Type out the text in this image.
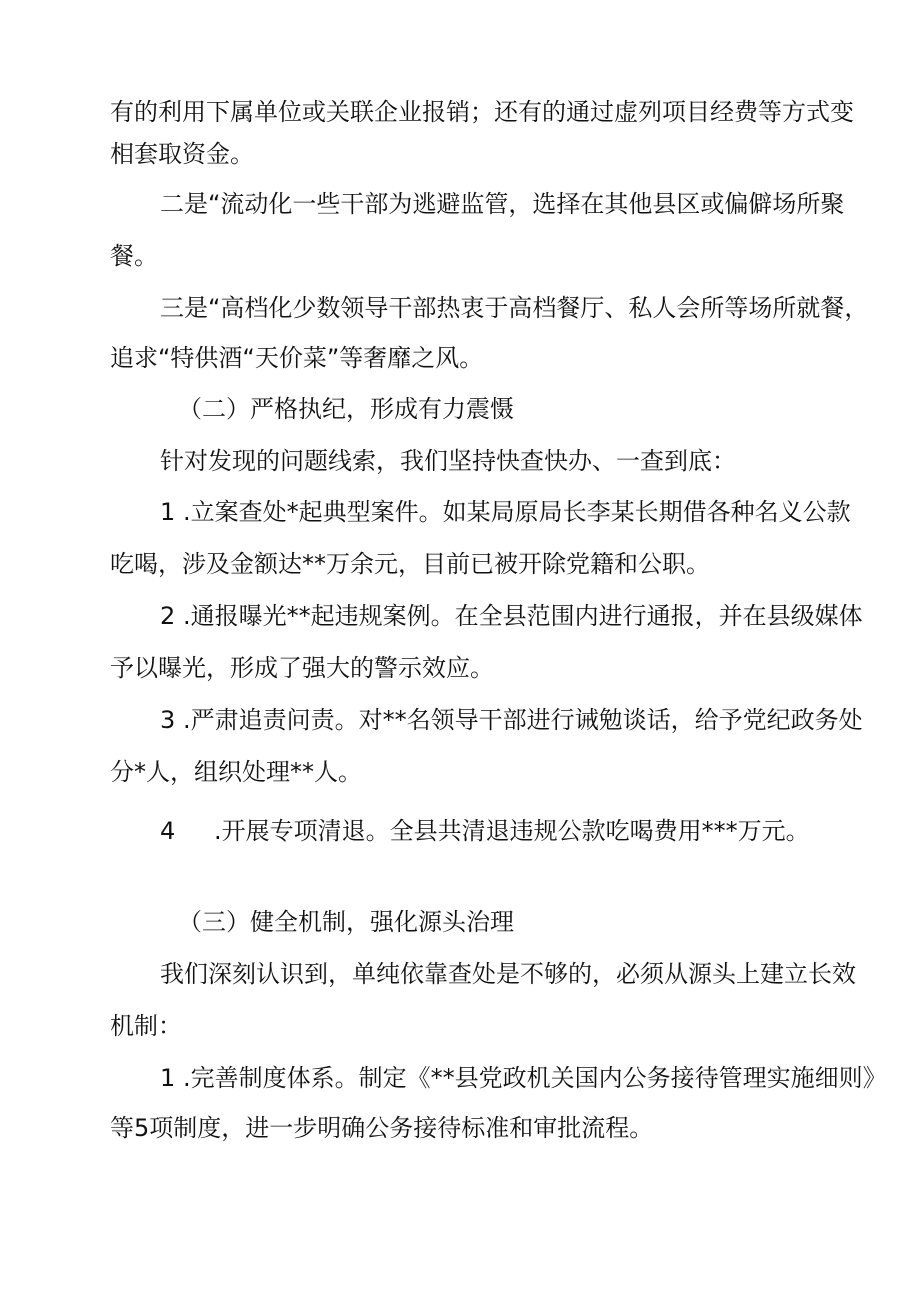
有的利用下属单位或关联企业报销；还有的通过虚列项目经费等方式变
相套取资金。
二是“流动化一些干部为逃避监管，选择在其他县区或偏僻场所聚
餐。
三是“高档化少数领导干部热衷于高档餐厅、私人会所等场所就餐，
追求“特供酒“天价菜”等奢靡之风。
（二）严格执纪，形成有力震慑
针对发现的问题线索，我们坚持快查快办、一查到底：
1 .立案查处*起典型案件。如某局原局长李某长期借各种名义公款
吃喝，涉及金额达**万余元，目前已被开除党籍和公职。
2 .通报曝光**起违规案例。在全县范围内进行通报，并在县级媒体
予以曝光，形成了强大的警示效应。
3 .严肃追责问责。对**名领导干部进行诫勉谈话，给予党纪政务处
分*人，组织处理**人。
4 .开展专项清退。全县共清退违规公款吃喝费用***万元。
（三）健全机制，强化源头治理
我们深刻认识到，单纯依靠查处是不够的，必须从源头上建立长效
机制：
1 .完善制度体系。制定《**县党政机关国内公务接待管理实施细则》
等5项制度，进一步明确公务接待标准和审批流程。
